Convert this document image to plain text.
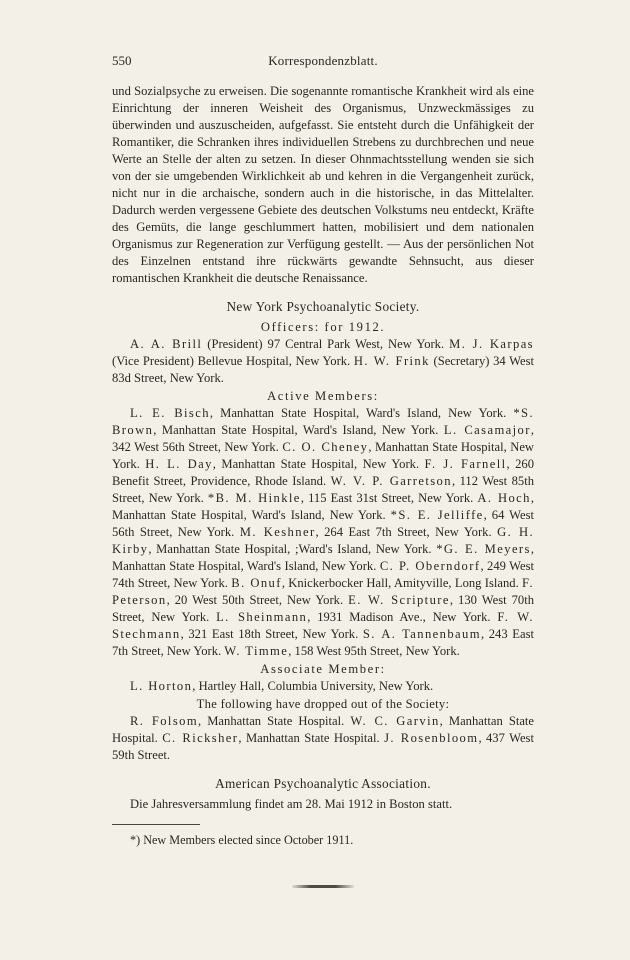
550	Korrespondenzblatt.

und Sozialpsyche zu erweisen. Die sogenannte romantische Krankheit wird als eine Einrichtung der inneren Weisheit des Organismus, Unzweckmässiges zu überwinden und auszuscheiden, aufgefasst. Sie entsteht durch die Unfähigkeit der Romantiker, die Schranken ihres individuellen Strebens zu durchbrechen und neue Werte an Stelle der alten zu setzen. In dieser Ohnmachtsstellung wenden sie sich von der sie umgebenden Wirklichkeit ab und kehren in die Vergangenheit zurück, nicht nur in die archaische, sondern auch in die historische, in das Mittelalter. Dadurch werden vergessene Gebiete des deutschen Volkstums neu entdeckt, Kräfte des Gemüts, die lange geschlummert hatten, mobilisiert und dem nationalen Organismus zur Regeneration zur Verfügung gestellt. — Aus der persönlichen Not des Einzelnen entstand ihre rückwärts gewandte Sehnsucht, aus dieser romantischen Krankheit die deutsche Renaissance.

New York Psychoanalytic Society.
Officers: for 1912.

A. A. Brill (President) 97 Central Park West, New York. M. J. Karpas (Vice President) Bellevue Hospital, New York. H. W. Frink (Secretary) 34 West 83d Street, New York.

Active Members:

L. E. Bisch, Manhattan State Hospital, Ward's Island, New York. *S. Brown, Manhattan State Hospital, Ward's Island, New York. L. Casamajor, 342 West 56th Street, New York. C. O. Cheney, Manhattan State Hospital, New York. H. L. Day, Manhattan State Hospital, New York. F. J. Farnell, 260 Benefit Street, Providence, Rhode Island. W. V. P. Garretson, 112 West 85th Street, New York. *B. M. Hinkle, 115 East 31st Street, New York. A. Hoch, Manhattan State Hospital, Ward's Island, New York. *S. E. Jelliffe, 64 West 56th Street, New York. M. Keshner, 264 East 7th Street, New York. G. H. Kirby, Manhattan State Hospital, ;Ward's Island, New York. *G. E. Meyers, Manhattan State Hospital, Ward's Island, New York. C. P. Oberndorf, 249 West 74th Street, New York. B. Onuf, Knickerbocker Hall, Amityville, Long Island. F. Peterson, 20 West 50th Street, New York. E. W. Scripture, 130 West 70th Street, New York. L. Sheinmann, 1931 Madison Ave., New York. F. W. Stechmann, 321 East 18th Street, New York. S. A. Tannenbaum, 243 East 7th Street, New York. W. Timme, 158 West 95th Street, New York.

Associate Member:

L. Horton, Hartley Hall, Columbia University, New York.

The following have dropped out of the Society:

R. Folsom, Manhattan State Hospital. W. C. Garvin, Manhattan State Hospital. C. Ricksher, Manhattan State Hospital. J. Rosenbloom, 437 West 59th Street.

American Psychoanalytic Association.

Die Jahresversammlung findet am 28. Mai 1912 in Boston statt.

*) New Members elected since October 1911.
